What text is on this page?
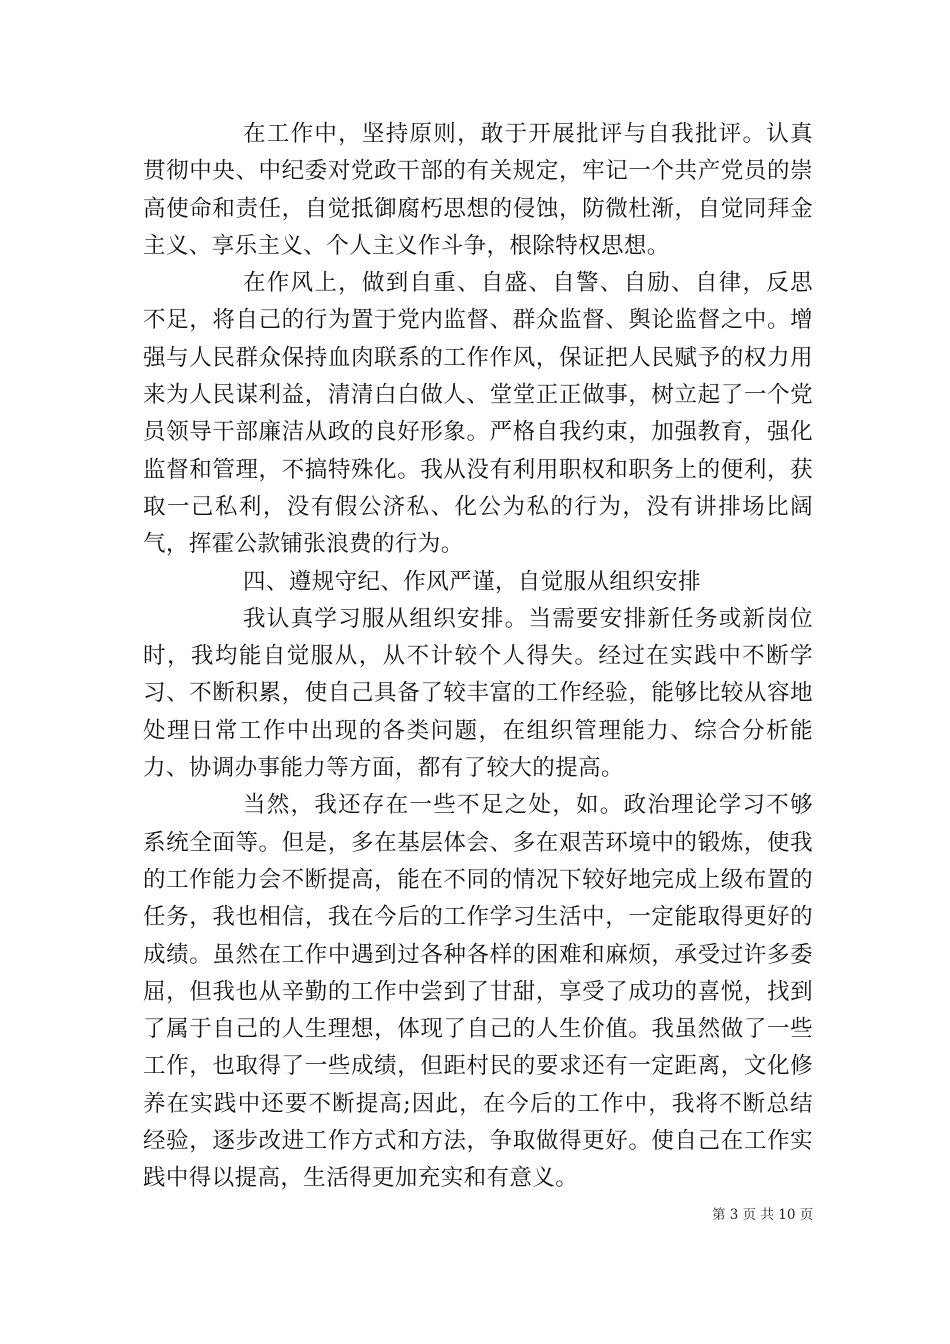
在工作中，坚持原则，敢于开展批评与自我批评。认真贯彻中央、中纪委对党政干部的有关规定，牢记一个共产党员的崇高使命和责任，自觉抵御腐朽思想的侵蚀，防微杜渐，自觉同拜金主义、享乐主义、个人主义作斗争，根除特权思想。

在作风上，做到自重、自盛、自警、自励、自律，反思不足，将自己的行为置于党内监督、群众监督、舆论监督之中。增强与人民群众保持血肉联系的工作作风，保证把人民赋予的权力用来为人民谋利益，清清白白做人、堂堂正正做事，树立起了一个党员领导干部廉洁从政的良好形象。严格自我约束，加强教育，强化监督和管理，不搞特殊化。我从没有利用职权和职务上的便利，获取一己私利，没有假公济私、化公为私的行为，没有讲排场比阔气，挥霍公款铺张浪费的行为。

四、遵规守纪、作风严谨，自觉服从组织安排

我认真学习服从组织安排。当需要安排新任务或新岗位时，我均能自觉服从，从不计较个人得失。经过在实践中不断学习、不断积累，使自己具备了较丰富的工作经验，能够比较从容地处理日常工作中出现的各类问题，在组织管理能力、综合分析能力、协调办事能力等方面，都有了较大的提高。

当然，我还存在一些不足之处，如。政治理论学习不够系统全面等。但是，多在基层体会、多在艰苦环境中的锻炼，使我的工作能力会不断提高，能在不同的情况下较好地完成上级布置的任务，我也相信，我在今后的工作学习生活中，一定能取得更好的成绩。虽然在工作中遇到过各种各样的困难和麻烦，承受过许多委屈，但我也从辛勤的工作中尝到了甘甜，享受了成功的喜悦，找到了属于自己的人生理想，体现了自己的人生价值。我虽然做了一些工作，也取得了一些成绩，但距村民的要求还有一定距离，文化修养在实践中还要不断提高;因此，在今后的工作中，我将不断总结经验，逐步改进工作方式和方法，争取做得更好。使自己在工作实践中得以提高，生活得更加充实和有意义。

第 3 页 共 10 页
